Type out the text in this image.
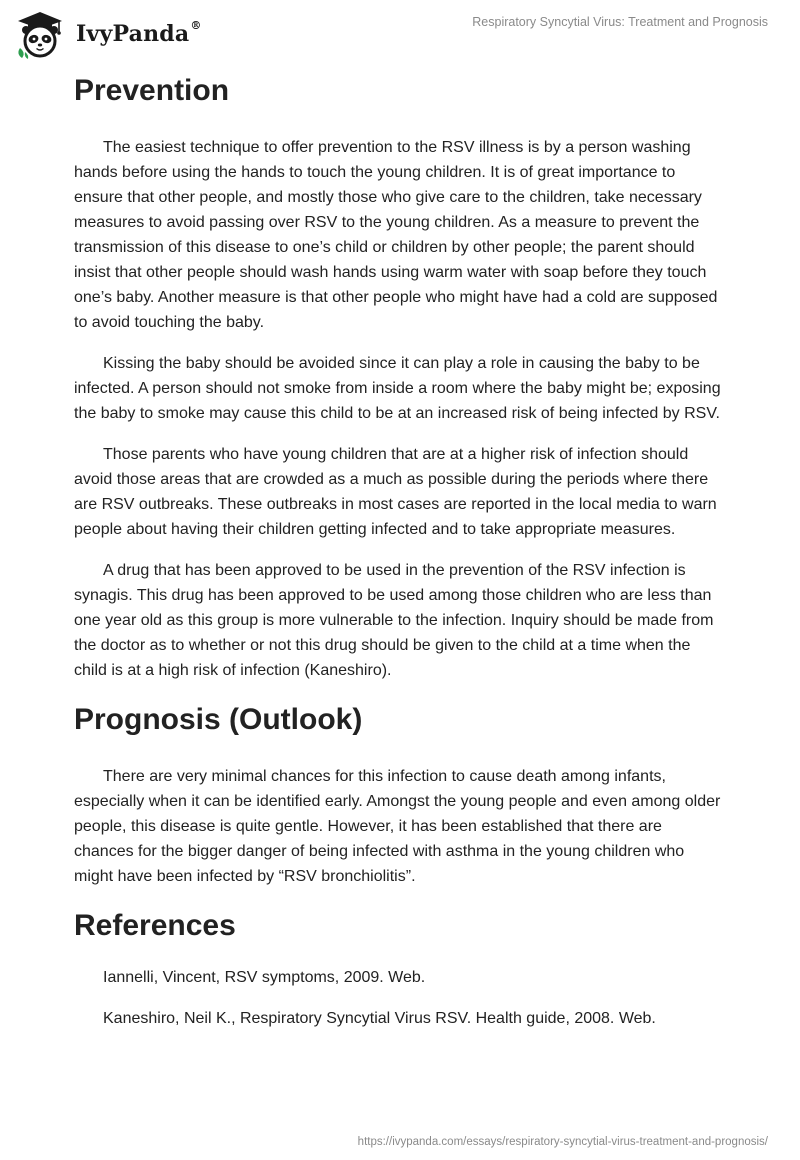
IvyPanda®	Respiratory Syncytial Virus: Treatment and Prognosis
Prevention

The easiest technique to offer prevention to the RSV illness is by a person washing hands before using the hands to touch the young children. It is of great importance to ensure that other people, and mostly those who give care to the children, take necessary measures to avoid passing over RSV to the young children. As a measure to prevent the transmission of this disease to one’s child or children by other people; the parent should insist that other people should wash hands using warm water with soap before they touch one’s baby. Another measure is that other people who might have had a cold are supposed to avoid touching the baby.

Kissing the baby should be avoided since it can play a role in causing the baby to be infected. A person should not smoke from inside a room where the baby might be; exposing the baby to smoke may cause this child to be at an increased risk of being infected by RSV.

Those parents who have young children that are at a higher risk of infection should avoid those areas that are crowded as a much as possible during the periods where there are RSV outbreaks. These outbreaks in most cases are reported in the local media to warn people about having their children getting infected and to take appropriate measures.

A drug that has been approved to be used in the prevention of the RSV infection is synagis. This drug has been approved to be used among those children who are less than one year old as this group is more vulnerable to the infection. Inquiry should be made from the doctor as to whether or not this drug should be given to the child at a time when the child is at a high risk of infection (Kaneshiro).

Prognosis (Outlook)

There are very minimal chances for this infection to cause death among infants, especially when it can be identified early. Amongst the young people and even among older people, this disease is quite gentle. However, it has been established that there are chances for the bigger danger of being infected with asthma in the young children who might have been infected by “RSV bronchiolitis”.

References

Iannelli, Vincent, RSV symptoms, 2009. Web.

Kaneshiro, Neil K., Respiratory Syncytial Virus RSV. Health guide, 2008. Web.

https://ivypanda.com/essays/respiratory-syncytial-virus-treatment-and-prognosis/
